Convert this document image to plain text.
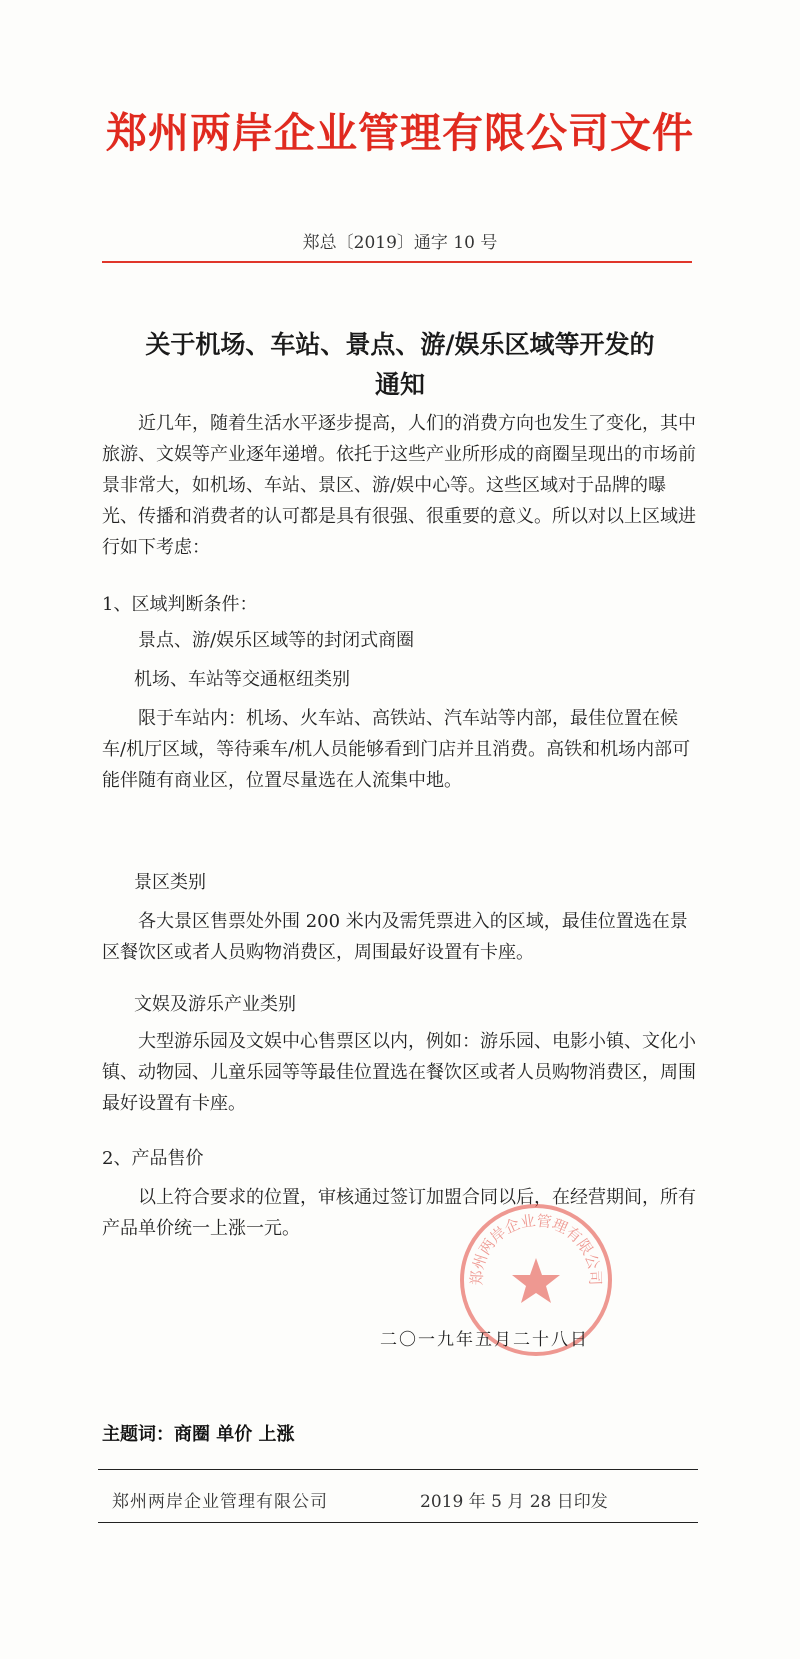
郑州两岸企业管理有限公司文件
郑总〔2019〕通字 10 号
关于机场、车站、景点、游/娱乐区域等开发的
通知
近几年，随着生活水平逐步提高，人们的消费方向也发生了变化，其中旅游、文娱等产业逐年递增。依托于这些产业所形成的商圈呈现出的市场前景非常大，如机场、车站、景区、游/娱中心等。这些区域对于品牌的曝光、传播和消费者的认可都是具有很强、很重要的意义。所以对以上区域进行如下考虑：
1、区域判断条件：
景点、游/娱乐区域等的封闭式商圈
机场、车站等交通枢纽类别
限于车站内：机场、火车站、高铁站、汽车站等内部，最佳位置在候车/机厅区域，等待乘车/机人员能够看到门店并且消费。高铁和机场内部可能伴随有商业区，位置尽量选在人流集中地。
景区类别
各大景区售票处外围 200 米内及需凭票进入的区域，最佳位置选在景区餐饮区或者人员购物消费区，周围最好设置有卡座。
文娱及游乐产业类别
大型游乐园及文娱中心售票区以内，例如：游乐园、电影小镇、文化小镇、动物园、儿童乐园等等最佳位置选在餐饮区或者人员购物消费区，周围最好设置有卡座。
2、产品售价
以上符合要求的位置，审核通过签订加盟合同以后，在经营期间，所有产品单价统一上涨一元。
郑州两岸企业管理有限公司
二〇一九年五月二十八日
主题词：商圈 单价 上涨
郑州两岸企业管理有限公司	2019 年 5 月 28 日印发
